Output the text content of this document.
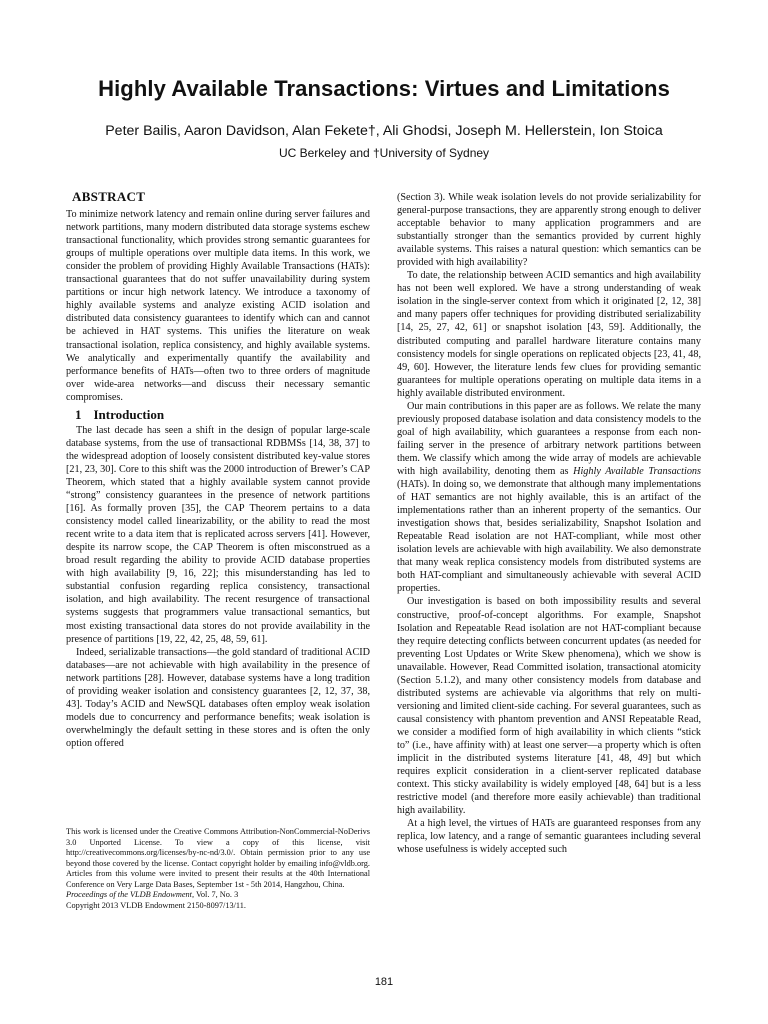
Highly Available Transactions: Virtues and Limitations
Peter Bailis, Aaron Davidson, Alan Fekete†, Ali Ghodsi, Joseph M. Hellerstein, Ion Stoica
UC Berkeley and †University of Sydney
ABSTRACT

To minimize network latency and remain online during server failures and network partitions, many modern distributed data storage systems eschew transactional functionality, which provides strong semantic guarantees for groups of multiple operations over multiple data items. In this work, we consider the problem of providing Highly Available Transactions (HATs): transactional guarantees that do not suffer unavailability during system partitions or incur high network latency. We introduce a taxonomy of highly available systems and analyze existing ACID isolation and distributed data consistency guarantees to identify which can and cannot be achieved in HAT systems. This unifies the literature on weak transactional isolation, replica consistency, and highly available systems. We analytically and experimentally quantify the availability and performance benefits of HATs—often two to three orders of magnitude over wide-area networks—and discuss their necessary semantic compromises.

1 Introduction

The last decade has seen a shift in the design of popular large-scale database systems, from the use of transactional RDBMSs [14, 38, 37] to the widespread adoption of loosely consistent distributed key-value stores [21, 23, 30]. Core to this shift was the 2000 introduction of Brewer’s CAP Theorem, which stated that a highly available system cannot provide “strong” consistency guarantees in the presence of network partitions [16]. As formally proven [35], the CAP Theorem pertains to a data consistency model called linearizability, or the ability to read the most recent write to a data item that is replicated across servers [41]. However, despite its narrow scope, the CAP Theorem is often misconstrued as a broad result regarding the ability to provide ACID database properties with high availability [9, 16, 22]; this misunderstanding has led to substantial confusion regarding replica consistency, transactional isolation, and high availability. The recent resurgence of transactional systems suggests that programmers value transactional semantics, but most existing transactional data stores do not provide availability in the presence of partitions [19, 22, 42, 25, 48, 59, 61].

Indeed, serializable transactions—the gold standard of traditional ACID databases—are not achievable with high availability in the presence of network partitions [28]. However, database systems have a long tradition of providing weaker isolation and consistency guarantees [2, 12, 37, 38, 43]. Today’s ACID and NewSQL databases often employ weak isolation models due to concurrency and performance benefits; weak isolation is overwhelmingly the default setting in these stores and is often the only option offered

(Section 3). While weak isolation levels do not provide serializability for general-purpose transactions, they are apparently strong enough to deliver acceptable behavior to many application programmers and are substantially stronger than the semantics provided by current highly available systems. This raises a natural question: which semantics can be provided with high availability?

To date, the relationship between ACID semantics and high availability has not been well explored. We have a strong understanding of weak isolation in the single-server context from which it originated [2, 12, 38] and many papers offer techniques for providing distributed serializability [14, 25, 27, 42, 61] or snapshot isolation [43, 59]. Additionally, the distributed computing and parallel hardware literature contains many consistency models for single operations on replicated objects [23, 41, 48, 49, 60]. However, the literature lends few clues for providing semantic guarantees for multiple operations operating on multiple data items in a highly available distributed environment.

Our main contributions in this paper are as follows. We relate the many previously proposed database isolation and data consistency models to the goal of high availability, which guarantees a response from each non-failing server in the presence of arbitrary network partitions between them. We classify which among the wide array of models are achievable with high availability, denoting them as Highly Available Transactions (HATs). In doing so, we demonstrate that although many implementations of HAT semantics are not highly available, this is an artifact of the implementations rather than an inherent property of the semantics. Our investigation shows that, besides serializability, Snapshot Isolation and Repeatable Read isolation are not HAT-compliant, while most other isolation levels are achievable with high availability. We also demonstrate that many weak replica consistency models from distributed systems are both HAT-compliant and simultaneously achievable with several ACID properties.

Our investigation is based on both impossibility results and several constructive, proof-of-concept algorithms. For example, Snapshot Isolation and Repeatable Read isolation are not HAT-compliant because they require detecting conflicts between concurrent updates (as needed for preventing Lost Updates or Write Skew phenomena), which we show is unavailable. However, Read Committed isolation, transactional atomicity (Section 5.1.2), and many other consistency models from database and distributed systems are achievable via algorithms that rely on multi-versioning and limited client-side caching. For several guarantees, such as causal consistency with phantom prevention and ANSI Repeatable Read, we consider a modified form of high availability in which clients “stick to” (i.e., have affinity with) at least one server—a property which is often implicit in the distributed systems literature [41, 48, 49] but which requires explicit consideration in a client-server replicated database context. This sticky availability is widely employed [48, 64] but is a less restrictive model (and therefore more easily achievable) than traditional high availability.

At a high level, the virtues of HATs are guaranteed responses from any replica, low latency, and a range of semantic guarantees including several whose usefulness is widely accepted such

This work is licensed under the Creative Commons Attribution-NonCommercial-NoDerivs 3.0 Unported License. To view a copy of this license, visit http://creativecommons.org/licenses/by-nc-nd/3.0/. Obtain permission prior to any use beyond those covered by the license. Contact copyright holder by emailing info@vldb.org. Articles from this volume were invited to present their results at the 40th International Conference on Very Large Data Bases, September 1st - 5th 2014, Hangzhou, China.
Proceedings of the VLDB Endowment, Vol. 7, No. 3
Copyright 2013 VLDB Endowment 2150-8097/13/11.
181
